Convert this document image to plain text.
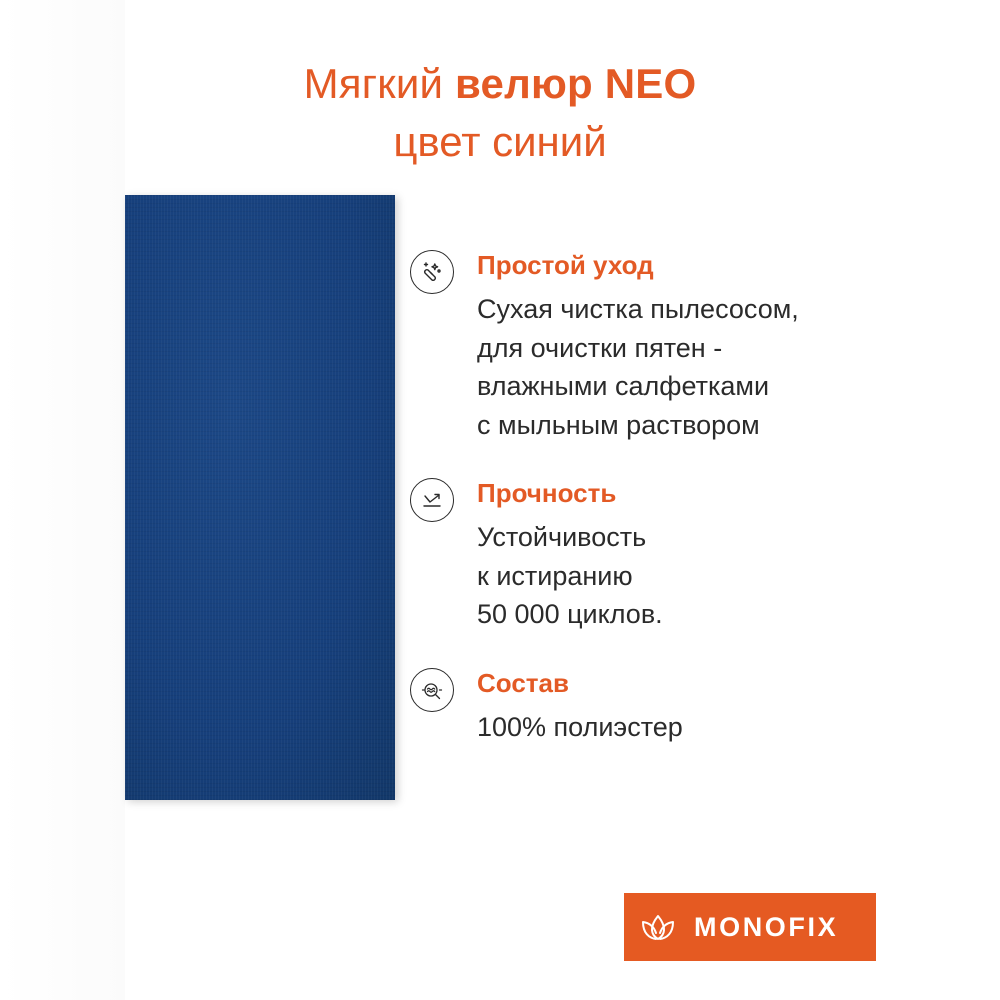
Мягкий велюр NEO
цвет синий
Простой уход
Сухая чистка пылесосом,
для очистки пятен -
влажными салфетками
с мыльным раствором
Прочность
Устойчивость
к истиранию
50 000 циклов.
Состав
100% полиэстер
MONOFIX
